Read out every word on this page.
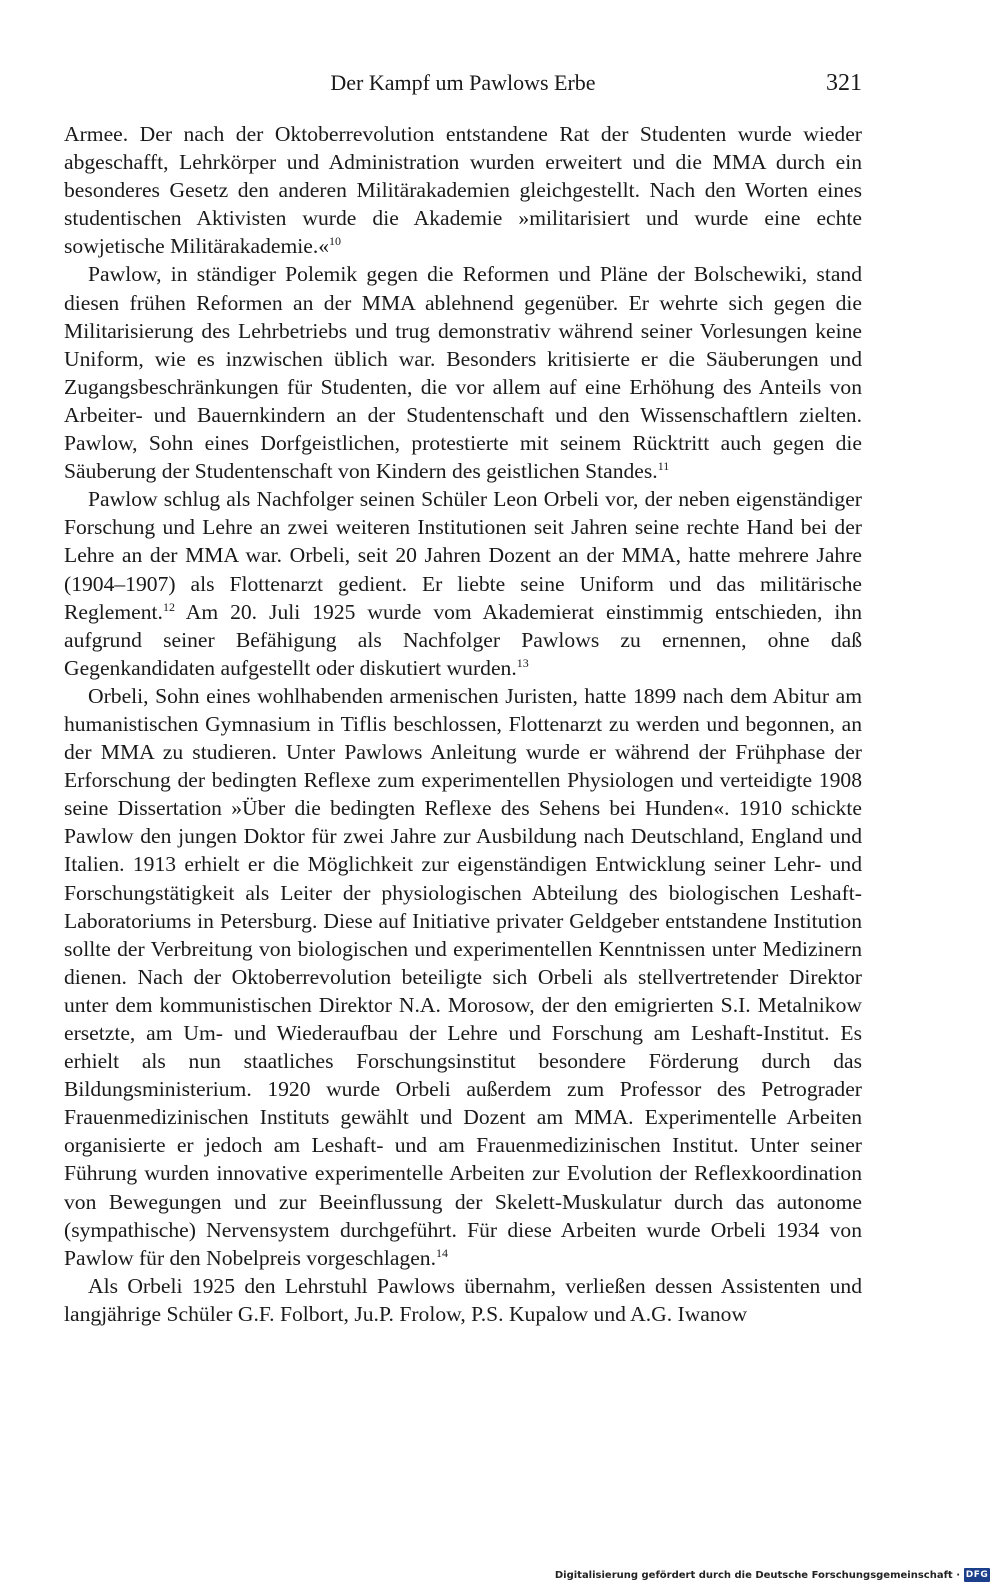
Der Kampf um Pawlows Erbe	321

Armee. Der nach der Oktoberrevolution entstandene Rat der Studenten wurde wieder abgeschafft, Lehrkörper und Administration wurden erweitert und die MMA durch ein besonderes Gesetz den anderen Militärakademien gleichgestellt. Nach den Worten eines studentischen Aktivisten wurde die Akademie »militarisiert und wurde eine echte sowjetische Militärakademie.«$^{10}$

Pawlow, in ständiger Polemik gegen die Reformen und Pläne der Bolschewiki, stand diesen frühen Reformen an der MMA ablehnend gegenüber. Er wehrte sich gegen die Militarisierung des Lehrbetriebs und trug demonstrativ während seiner Vorlesungen keine Uniform, wie es inzwischen üblich war. Besonders kritisierte er die Säuberungen und Zugangsbeschränkungen für Studenten, die vor allem auf eine Erhöhung des Anteils von Arbeiter- und Bauernkindern an der Studentenschaft und den Wissenschaftlern zielten. Pawlow, Sohn eines Dorfgeistlichen, protestierte mit seinem Rücktritt auch gegen die Säuberung der Studentenschaft von Kindern des geistlichen Standes.$^{11}$

Pawlow schlug als Nachfolger seinen Schüler Leon Orbeli vor, der neben eigenständiger Forschung und Lehre an zwei weiteren Institutionen seit Jahren seine rechte Hand bei der Lehre an der MMA war. Orbeli, seit 20 Jahren Dozent an der MMA, hatte mehrere Jahre (1904–1907) als Flottenarzt gedient. Er liebte seine Uniform und das militärische Reglement.$^{12}$ Am 20. Juli 1925 wurde vom Akademierat einstimmig entschieden, ihn aufgrund seiner Befähigung als Nachfolger Pawlows zu ernennen, ohne daß Gegenkandidaten aufgestellt oder diskutiert wurden.$^{13}$

Orbeli, Sohn eines wohlhabenden armenischen Juristen, hatte 1899 nach dem Abitur am humanistischen Gymnasium in Tiflis beschlossen, Flottenarzt zu werden und begonnen, an der MMA zu studieren. Unter Pawlows Anleitung wurde er während der Frühphase der Erforschung der bedingten Reflexe zum experimentellen Physiologen und verteidigte 1908 seine Dissertation »Über die bedingten Reflexe des Sehens bei Hunden«. 1910 schickte Pawlow den jungen Doktor für zwei Jahre zur Ausbildung nach Deutschland, England und Italien. 1913 erhielt er die Möglichkeit zur eigenständigen Entwicklung seiner Lehr- und Forschungstätigkeit als Leiter der physiologischen Abteilung des biologischen Leshaft-Laboratoriums in Petersburg. Diese auf Initiative privater Geldgeber entstandene Institution sollte der Verbreitung von biologischen und experimentellen Kenntnissen unter Medizinern dienen. Nach der Oktoberrevolution beteiligte sich Orbeli als stellvertretender Direktor unter dem kommunistischen Direktor N.A. Morosow, der den emigrierten S.I. Metalnikow ersetzte, am Um- und Wiederaufbau der Lehre und Forschung am Leshaft-Institut. Es erhielt als nun staatliches Forschungsinstitut besondere Förderung durch das Bildungsministerium. 1920 wurde Orbeli außerdem zum Professor des Petrograder Frauenmedizinischen Instituts gewählt und Dozent am MMA. Experimentelle Arbeiten organisierte er jedoch am Leshaft- und am Frauenmedizinischen Institut. Unter seiner Führung wurden innovative experimentelle Arbeiten zur Evolution der Reflexkoordination von Bewegungen und zur Beeinflussung der Skelett-Muskulatur durch das autonome (sympathische) Nervensystem durchgeführt. Für diese Arbeiten wurde Orbeli 1934 von Pawlow für den Nobelpreis vorgeschlagen.$^{14}$

Als Orbeli 1925 den Lehrstuhl Pawlows übernahm, verließen dessen Assistenten und langjährige Schüler G.F. Folbort, Ju.P. Frolow, P.S. Kupalow und A.G. Iwanow

Digitalisierung gefördert durch die Deutsche Forschungsgemeinschaft · DFG
